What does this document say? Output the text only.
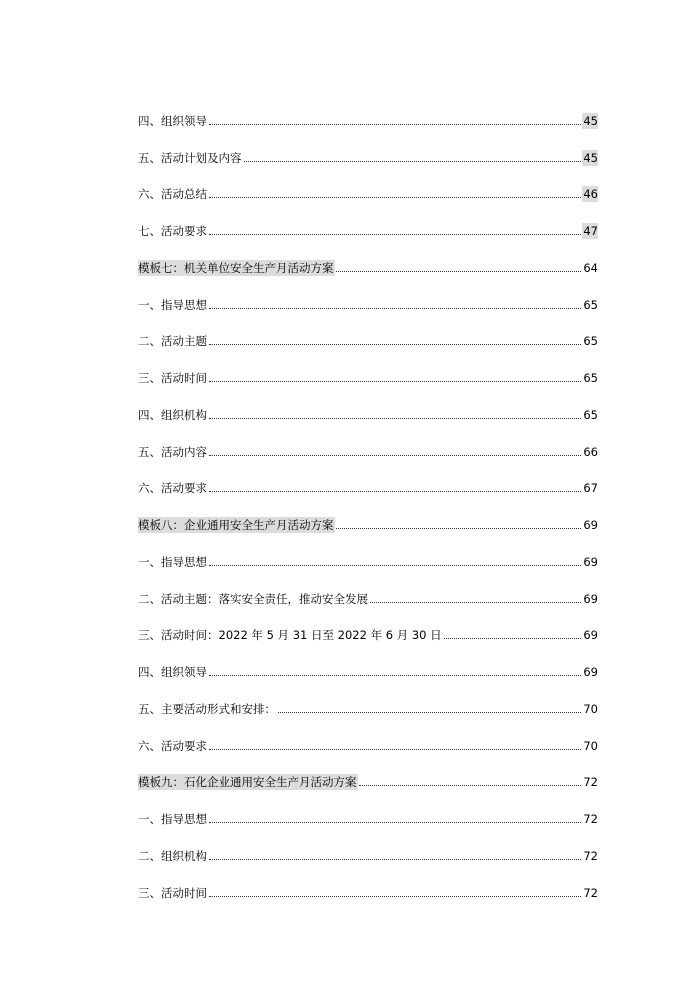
四、组织领导	45
五、活动计划及内容	45
六、活动总结	46
七、活动要求	47
模板七：机关单位安全生产月活动方案	64
一、指导思想	65
二、活动主题	65
三、活动时间	65
四、组织机构	65
五、活动内容	66
六、活动要求	67
模板八：企业通用安全生产月活动方案	69
一、指导思想	69
二、活动主题：落实安全责任，推动安全发展	69
三、活动时间：2022 年 5 月 31 日至 2022 年 6 月 30 日	69
四、组织领导	69
五、主要活动形式和安排：	70
六、活动要求	70
模板九：石化企业通用安全生产月活动方案	72
一、指导思想	72
二、组织机构	72
三、活动时间	72
